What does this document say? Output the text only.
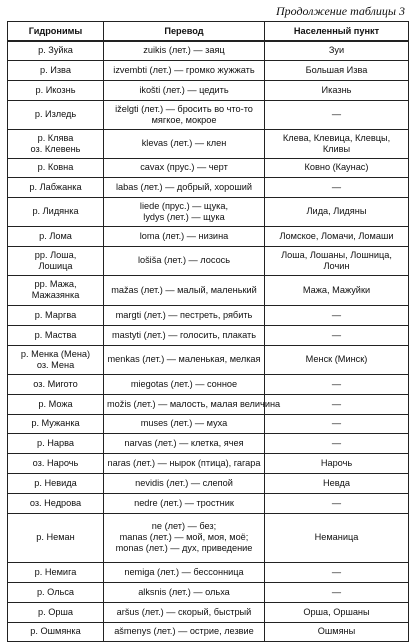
Продолжение таблицы 3
Гидронимы	Перевод	Населенный пункт

р. Зуйка	zuikis (лет.) — заяц	Зуи

р. Изва	izvembti (лет.) — громко жужжать	Большая Изва

р. Икознь	ikošti (лет.) — цедить	Иказнь

р. Изледь	iželgti (лет.) — бросить во что-то
мягкое, мокрое	—

р. Клява
оз. Клевень	klevas (лет.) — клен	Клева, Клевица, Клевцы,
Кливы

р. Ковна	cavax (прус.) — черт	Ковно (Каунас)

р. Лабжанка	labas (лет.) — добрый, хороший	—

р. Лидянка	liede (прус.) — щука,
lydys (лет.) — щука	Лида, Лидяны

р. Лома	loma (лет.) — низина	Ломское, Ломачи, Ломаши

рр. Лоша,
Лошица	lošiša (лет.) — лосось	Лоша, Лошаны, Лошница,
Лочин

рр. Мажа,
Мажазянка	mažas (лет.) — малый, маленький	Мажа, Мажуйки

р. Маргва	margti (лет.) — пестреть, рябить	—

р. Маства	mastyti (лет.) — голосить, плакать	—

р. Менка (Мена)
оз. Мена	menkas (лет.) — маленькая, мелкая	Менск (Минск)

оз. Мигото	miegotas (лет.) — сонное	—

р. Можа	možis (лет.) — малость, малая величина	—

р. Мужанка	muses (лет.) — муха	—

р. Нарва	narvas (лет.) — клетка, ячея	—

оз. Нарочь	naras (лет.) — нырок (птица), гагара	Нарочь

р. Невида	nevidis (лет.) — слепой	Невда

оз. Недрова	nedre (лет.) — тростник	—

р. Неман	ne (лет) — без;
manas (лет.) — мой, моя, моё;
monas (лет.) — дух, приведение	Неманица

р. Немига	nemiga (лет.) — бессонница	—

р. Ольса	alksnis (лет.) — ольха	—

р. Орша	aršus (лет.) — скорый, быстрый	Орша, Оршаны

р. Ошмянка	ašmenys (лет.) — острие, лезвие	Ошмяны
